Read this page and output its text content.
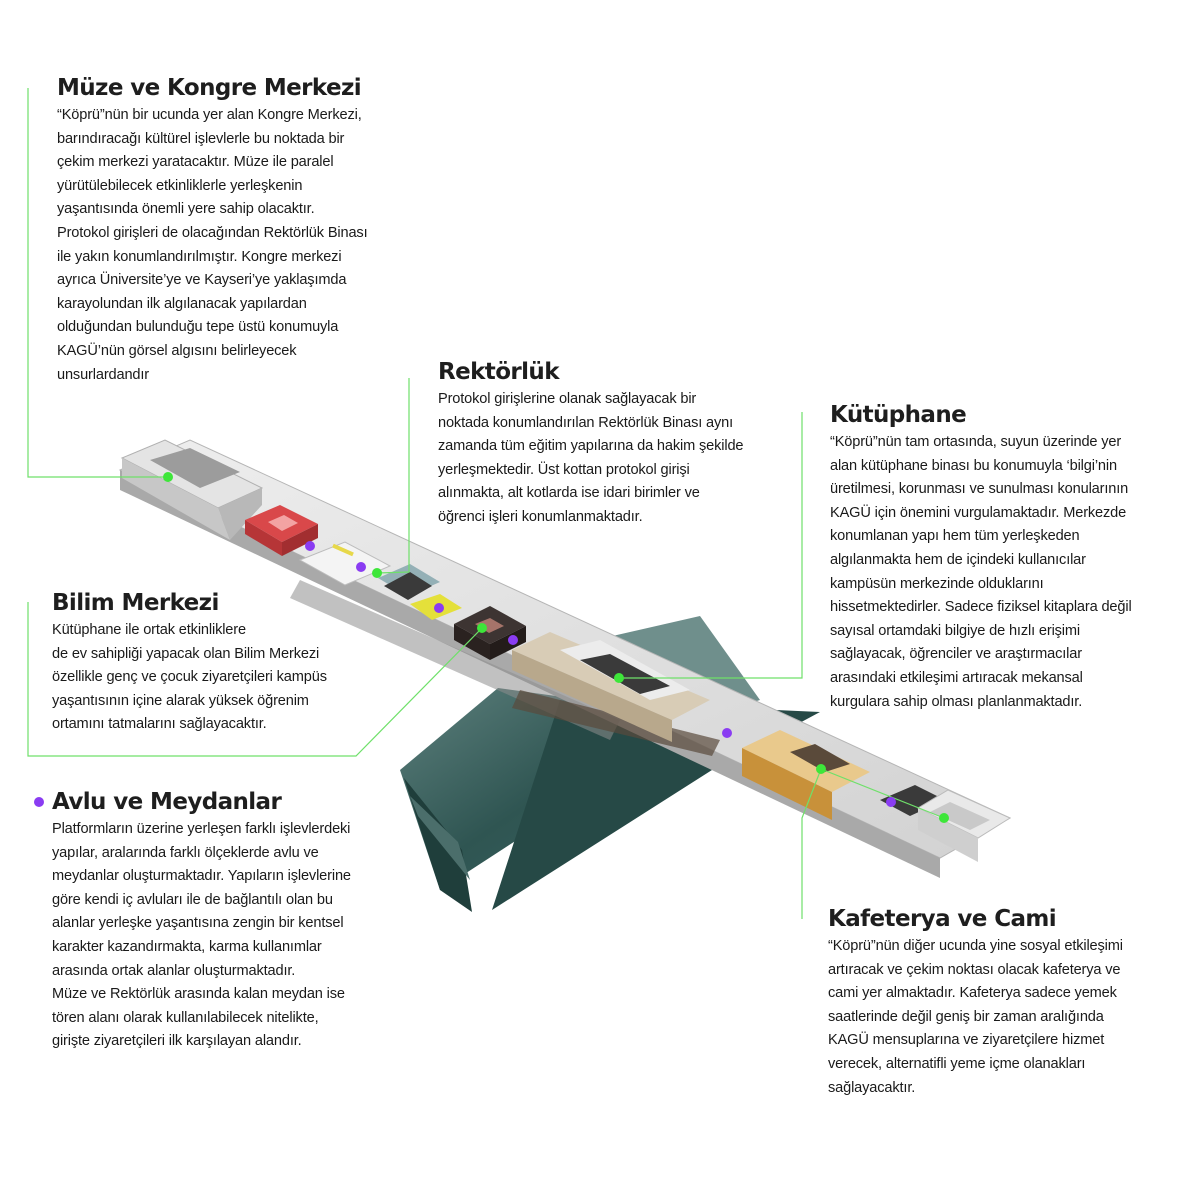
Müze ve Kongre Merkezi

“Köprü”nün bir ucunda yer alan Kongre Merkezi,
barındıracağı kültürel işlevlerle bu noktada bir
çekim merkezi yaratacaktır. Müze ile paralel
yürütülebilecek etkinliklerle yerleşkenin
yaşantısında önemli yere sahip olacaktır.
Protokol girişleri de olacağından Rektörlük Binası
ile yakın konumlandırılmıştır. Kongre merkezi
ayrıca Üniversite’ye ve Kayseri’ye yaklaşımda
karayolundan ilk algılanacak yapılardan
olduğundan bulunduğu tepe üstü konumuyla
KAGÜ’nün görsel algısını belirleyecek
unsurlardandır	Rektörlük

Protokol girişlerine olanak sağlayacak bir
noktada konumlandırılan Rektörlük Binası aynı
zamanda tüm eğitim yapılarına da hakim şekilde
yerleşmektedir. Üst kottan protokol girişi
alınmakta, alt kotlarda ise idari birimler ve
öğrenci işleri konumlanmaktadır.

Kütüphane

“Köprü”nün tam ortasında, suyun üzerinde yer
alan kütüphane binası bu konumuyla ‘bilgi’nin
üretilmesi, korunması ve sunulması konularının
KAGÜ için önemini vurgulamaktadır. Merkezde
konumlanan yapı hem tüm yerleşkeden
algılanmakta hem de içindeki kullanıcılar
kampüsün merkezinde olduklarını
hissetmektedirler. Sadece fiziksel kitaplara değil
sayısal ortamdaki bilgiye de hızlı erişimi
sağlayacak, öğrenciler ve araştırmacılar
arasındaki etkileşimi artıracak mekansal
kurgulara sahip olması planlanmaktadır.

Bilim Merkezi

Kütüphane ile ortak etkinliklere
de ev sahipliği yapacak olan Bilim Merkezi
özellikle genç ve çocuk ziyaretçileri kampüs
yaşantısının içine alarak yüksek öğrenim
ortamını tatmalarını sağlayacaktır.

Avlu ve Meydanlar

Platformların üzerine yerleşen farklı işlevlerdeki
yapılar, aralarında farklı ölçeklerde avlu ve
meydanlar oluşturmaktadır. Yapıların işlevlerine
göre kendi iç avluları ile de bağlantılı olan bu
alanlar yerleşke yaşantısına zengin bir kentsel
karakter kazandırmakta, karma kullanımlar
arasında ortak alanlar oluşturmaktadır.
Müze ve Rektörlük arasında kalan meydan ise
tören alanı olarak kullanılabilecek nitelikte,
girişte ziyaretçileri ilk karşılayan alandır.

Kafeterya ve Cami

“Köprü”nün diğer ucunda yine sosyal etkileşimi
artıracak ve çekim noktası olacak kafeterya ve
cami yer almaktadır. Kafeterya sadece yemek
saatlerinde değil geniş bir zaman aralığında
KAGÜ mensuplarına ve ziyaretçilere hizmet
verecek, alternatifli yeme içme olanakları
sağlayacaktır.
